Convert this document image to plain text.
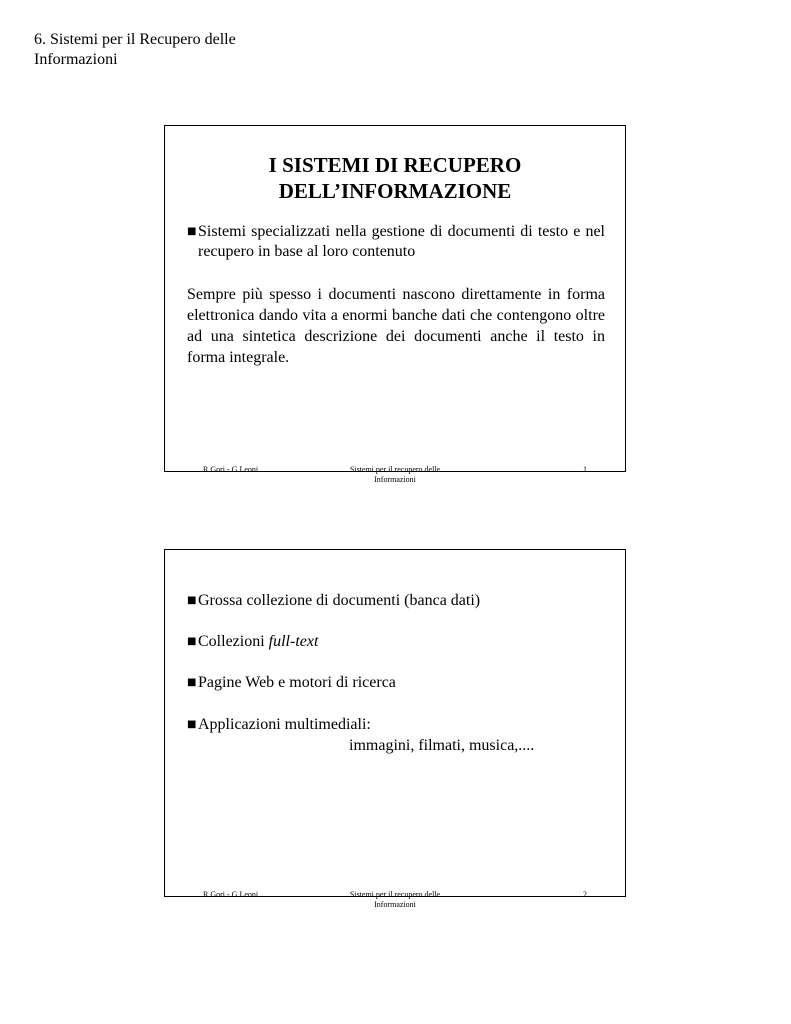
6. Sistemi per il Recupero delle
Informazioni
I SISTEMI DI RECUPERO
DELL’INFORMAZIONE
■ Sistemi specializzati nella gestione di documenti di testo e nel recupero in base al loro contenuto
Sempre più spesso i documenti nascono direttamente in forma elettronica dando vita a enormi banche dati che contengono oltre ad una sintetica descrizione dei documenti anche il testo in forma integrale.
R.Gori - G.Leoni	Sistemi per il recupero delle
Informazioni
1
■ Grossa collezione di documenti (banca dati)
■ Collezioni full-text
■ Pagine Web e motori di ricerca
■ Applicazioni multimediali:
immagini, filmati, musica,....
R.Gori - G.Leoni	Sistemi per il recupero delle
Informazioni
2
